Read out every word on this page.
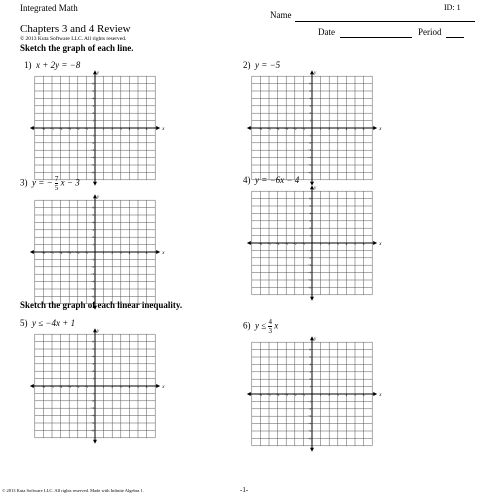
Integrated Math	ID: 1
Name
Chapters 3 and 4 Review	Date	Period
© 2013 Kuta Software LLC. All rights reserved.
Sketch the graph of each line.
1) x + 2y = −8
x
y
−6 −5 −4 −3 −2 −1	1 2 3 4 5 6
6
5
4
3
2
1
−1
−2
−3
−4
−5
−6
2) y = −5
x
y
−6 −5 −4 −3 −2 −1	1 2 3 4 5 6
6
5
4
3
2
1
−1
−2
−3
−4
−5
−6
3) y = − $\frac{7}{5}$ x − 3
x
y
−6 −5 −4 −3 −2 −1	1 2 3 4 5 6
6
5
4
3
2
1
−1
−2
−3
−4
−5
−6
4) y = −6x − 4
x
y
−6 −5 −4 −3 −2 −1	1 2 3 4 5 6
6
5
4
3
2
1
−1
−2
−3
−4
−5
−6
Sketch the graph of each linear inequality.
5) y ≤ −4x + 1
x
y
−6 −5 −4 −3 −2 −1	1 2 3 4 5 6
6
5
4
3
2
1
−1
−2
−3
−4
−5
−6
6) $y \le \frac{4}{3}$ x
x
y
−6 −5 −4 −3 −2 −1	1 2 3 4 5 6
6
5
4
3
2
1
−1
−2
−3
−4
−5
−6
© 2013 Kuta Software LLC. All rights reserved. Made with Infinite Algebra 1.	-1-
